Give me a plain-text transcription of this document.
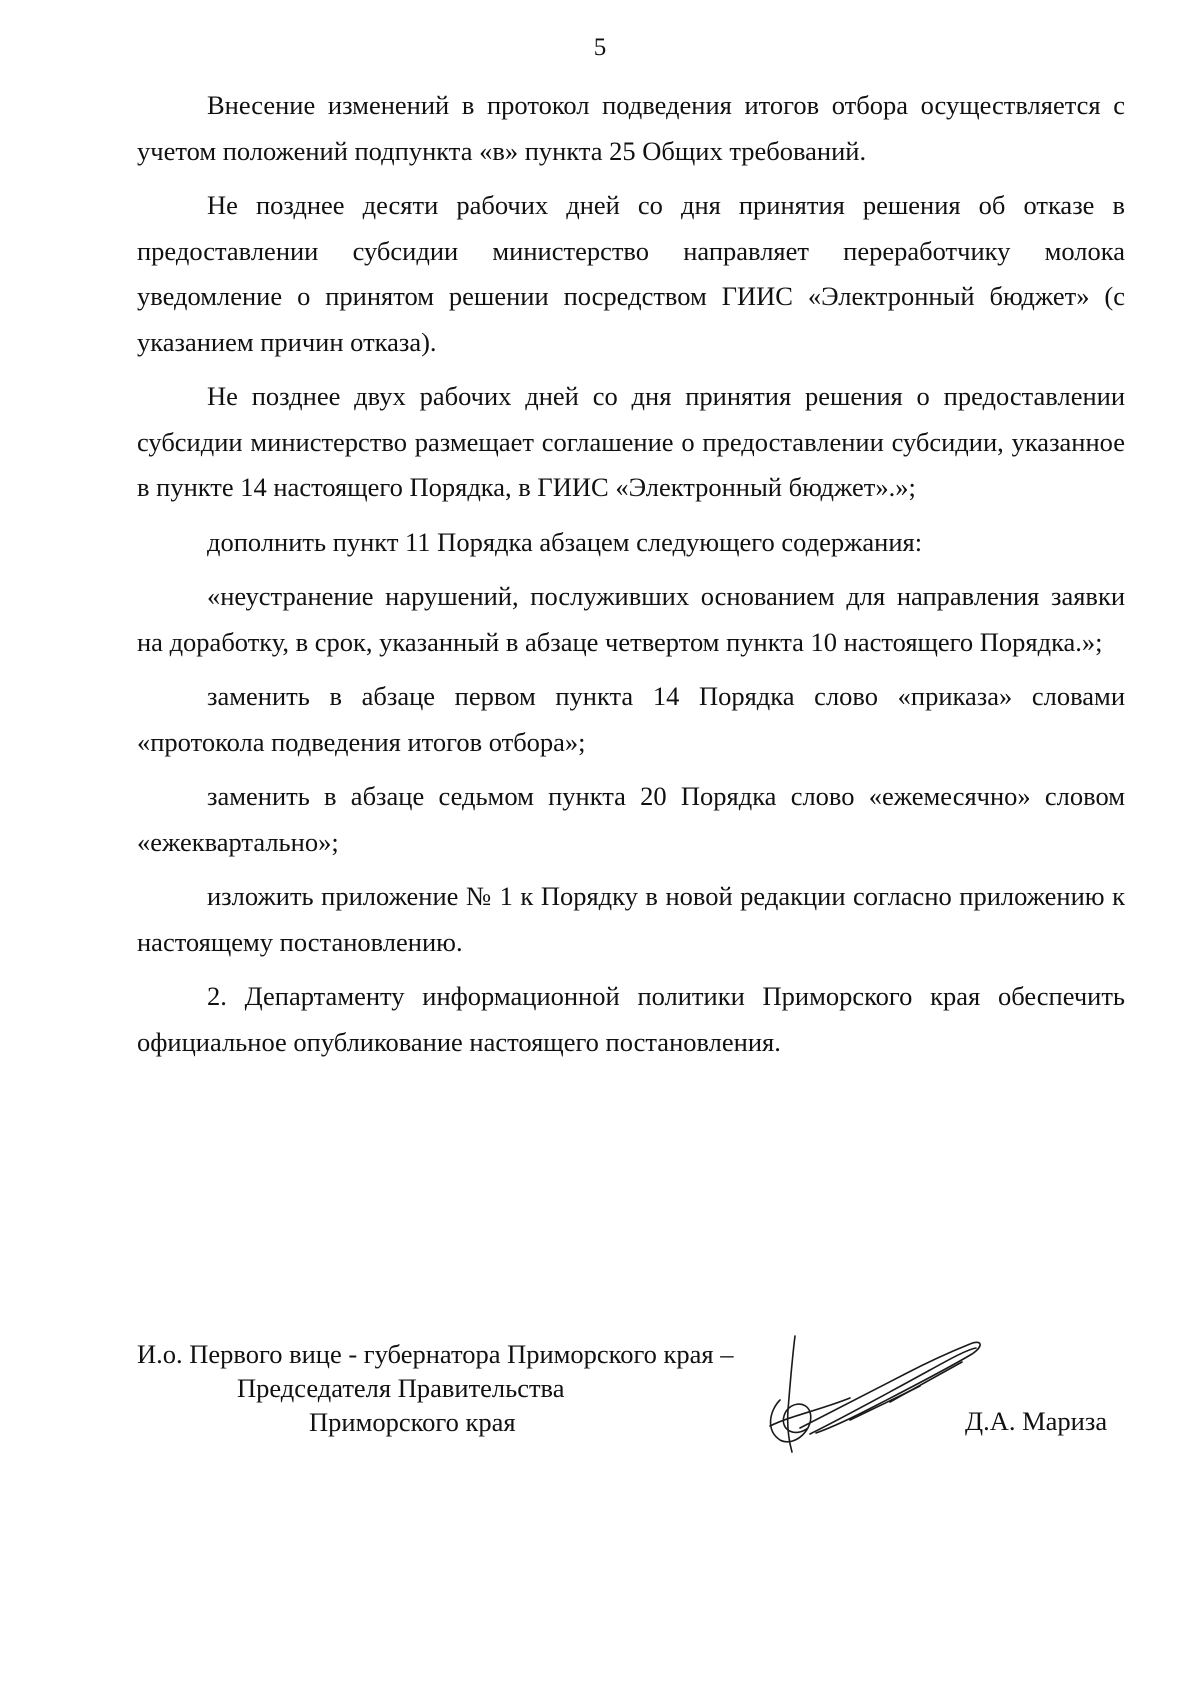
5

Внесение изменений в протокол подведения итогов отбора осуществляется с учетом положений подпункта «в» пункта 25 Общих требований.

Не позднее десяти рабочих дней со дня принятия решения об отказе в предоставлении субсидии министерство направляет переработчику молока уведомление о принятом решении посредством ГИИС «Электронный бюджет» (с указанием причин отказа).

Не позднее двух рабочих дней со дня принятия решения о предоставлении субсидии министерство размещает соглашение о предоставлении субсидии, указанное в пункте 14 настоящего Порядка, в ГИИС «Электронный бюджет».»;

дополнить пункт 11 Порядка абзацем следующего содержания:

«неустранение нарушений, послуживших основанием для направления заявки на доработку, в срок, указанный в абзаце четвертом пункта 10 настоящего Порядка.»;

заменить в абзаце первом пункта 14 Порядка слово «приказа» словами «протокола подведения итогов отбора»;

заменить в абзаце седьмом пункта 20 Порядка слово «ежемесячно» словом «ежеквартально»;

изложить приложение № 1 к Порядку в новой редакции согласно приложению к настоящему постановлению.

2. Департаменту информационной политики Приморского края обеспечить официальное опубликование настоящего постановления.

И.о. Первого вице - губернатора Приморского края –
Председателя Правительства
Приморского края	Д.А. Мариза
